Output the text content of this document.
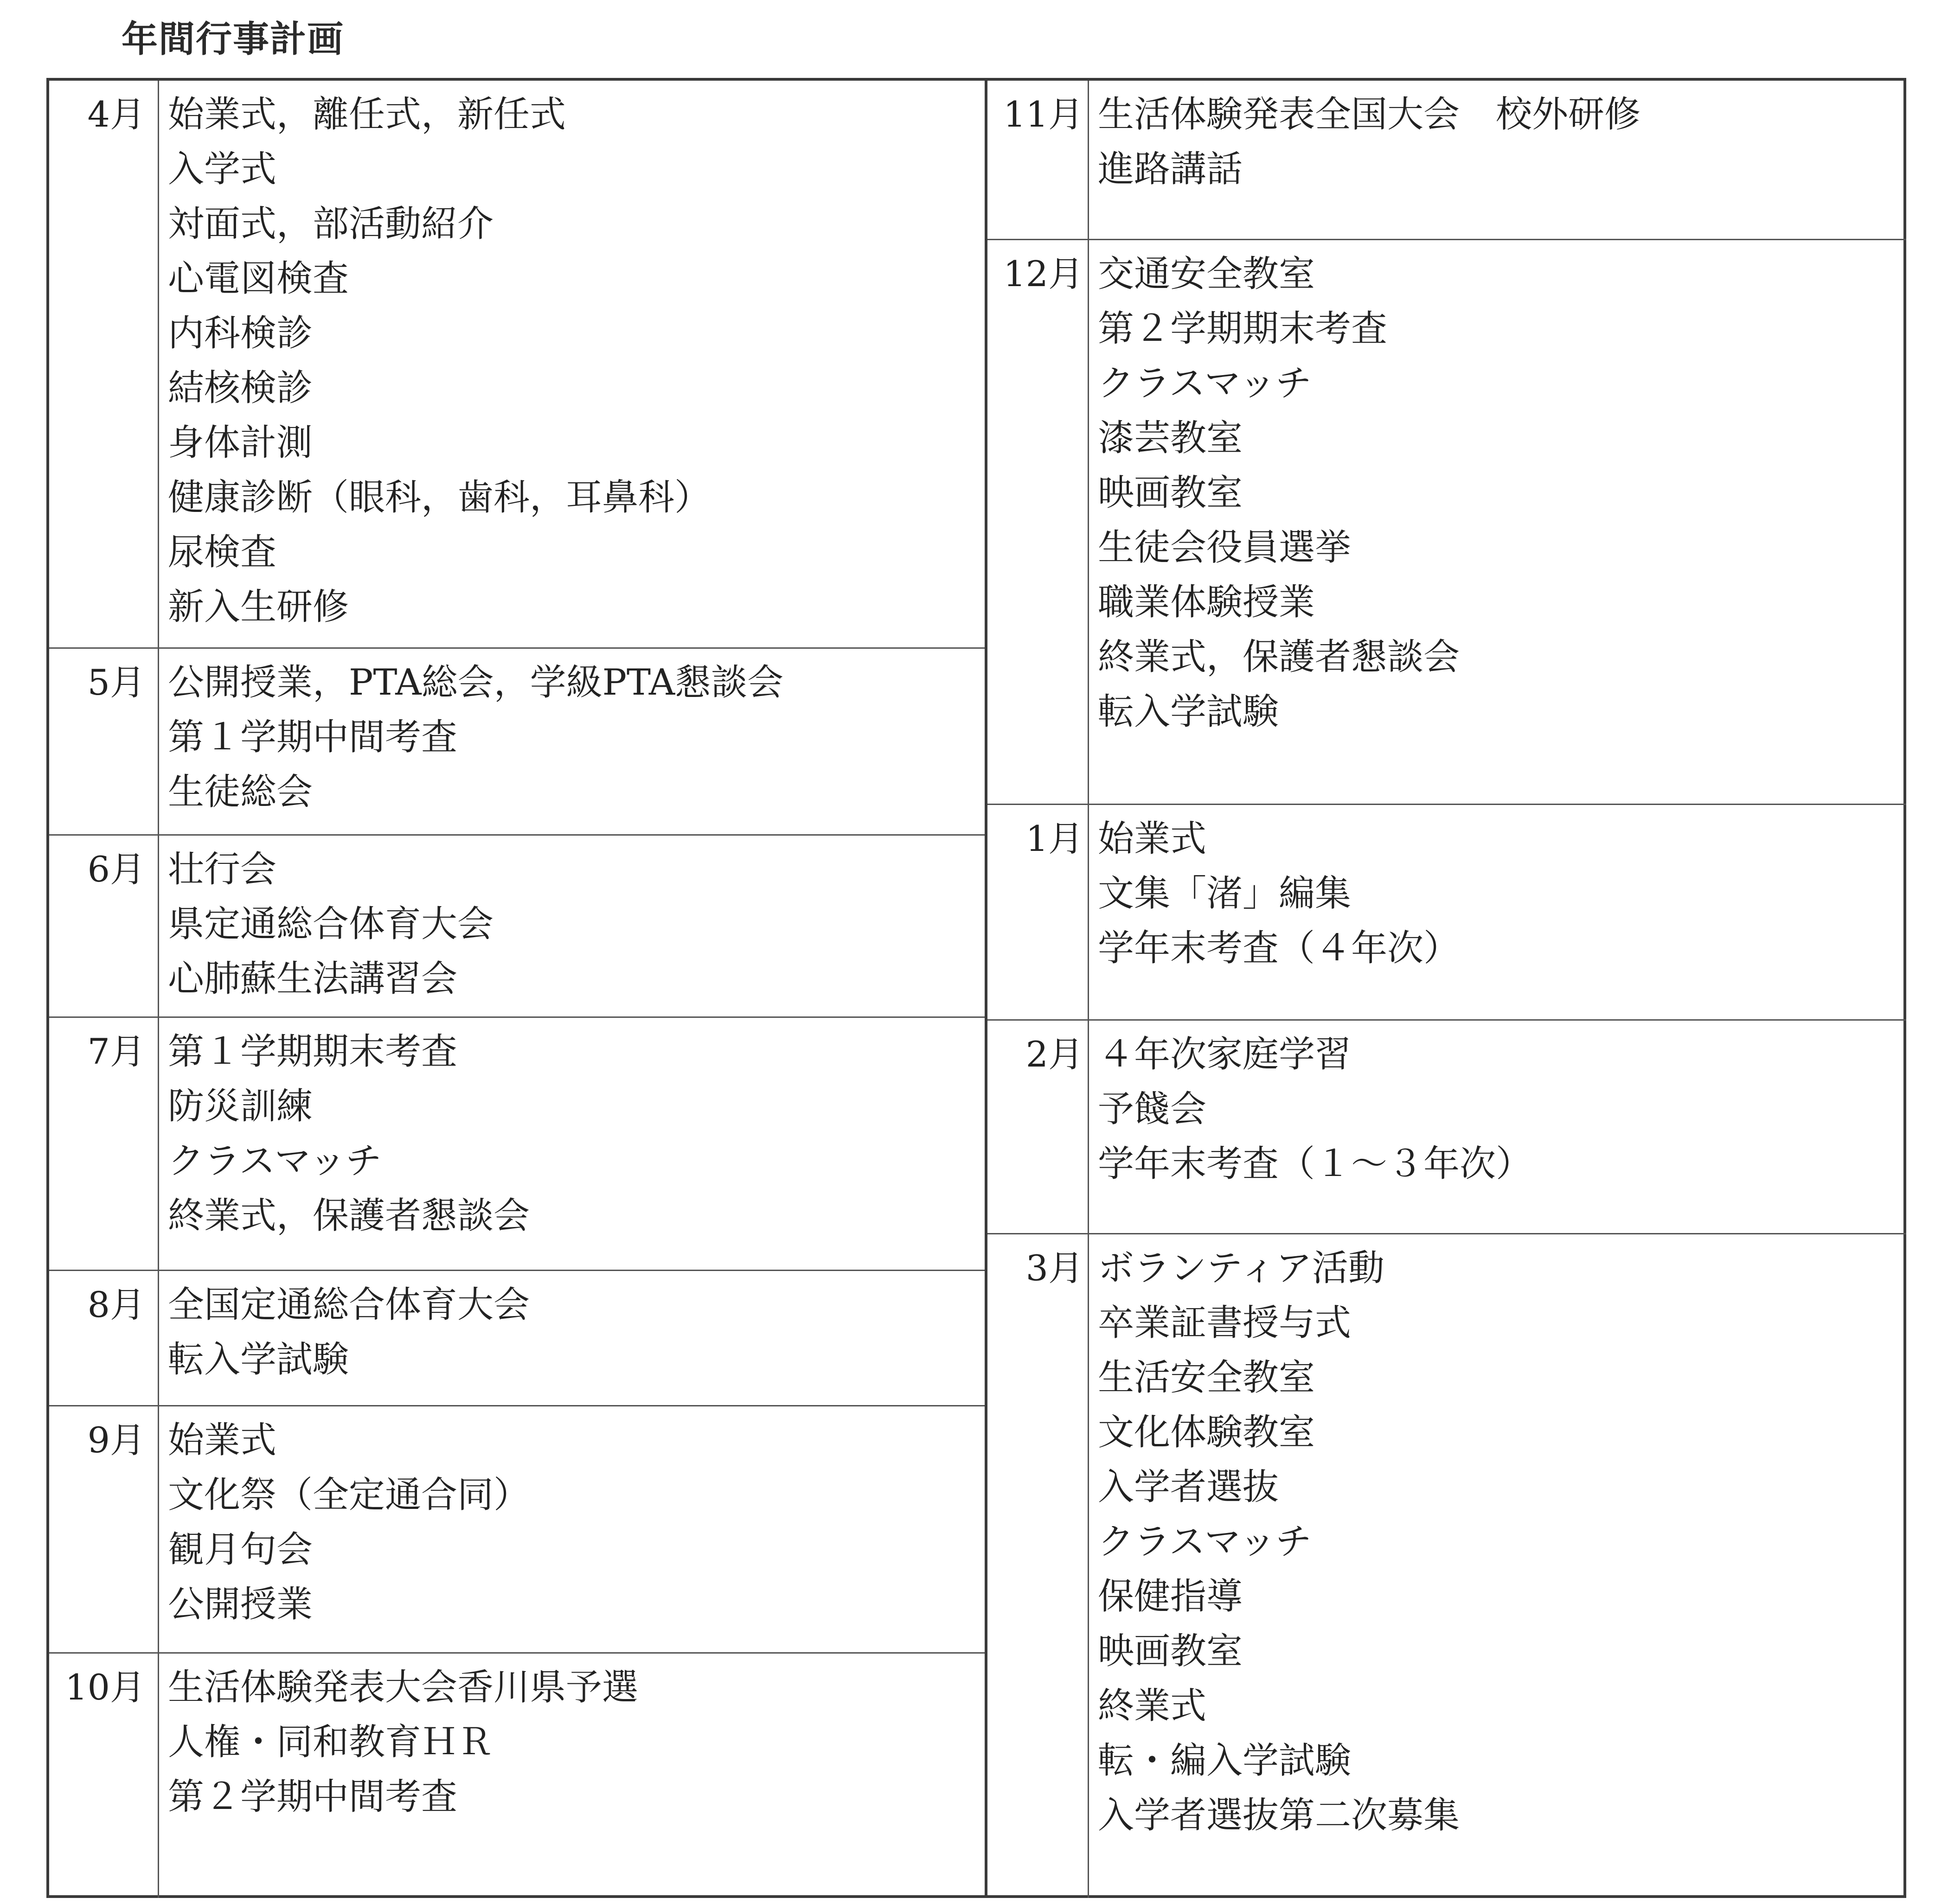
年間行事計画
4月 始業式，離任式，新任式
入学式
対面式，部活動紹介
心電図検査
内科検診
結核検診
身体計測
健康診断（眼科，歯科，耳鼻科）
尿検査
新入生研修
5月 公開授業，PTA総会，学級PTA懇談会
第１学期中間考査
生徒総会
6月 壮行会
県定通総合体育大会
心肺蘇生法講習会
7月 第１学期期末考査
防災訓練
クラスマッチ
終業式，保護者懇談会
8月 全国定通総合体育大会
転入学試験
9月 始業式
文化祭（全定通合同）
観月句会
公開授業
10月 生活体験発表大会香川県予選
人権・同和教育ＨＲ
第２学期中間考査
11月 生活体験発表全国大会　校外研修
進路講話
12月 交通安全教室
第２学期期末考査
クラスマッチ
漆芸教室
映画教室
生徒会役員選挙
職業体験授業
終業式，保護者懇談会
転入学試験
1月 始業式
文集「渚」編集
学年末考査（４年次）
2月 ４年次家庭学習
予餞会
学年末考査（１～３年次）
3月 ボランティア活動
卒業証書授与式
生活安全教室
文化体験教室
入学者選抜
クラスマッチ
保健指導
映画教室
終業式
転・編入学試験
入学者選抜第二次募集
